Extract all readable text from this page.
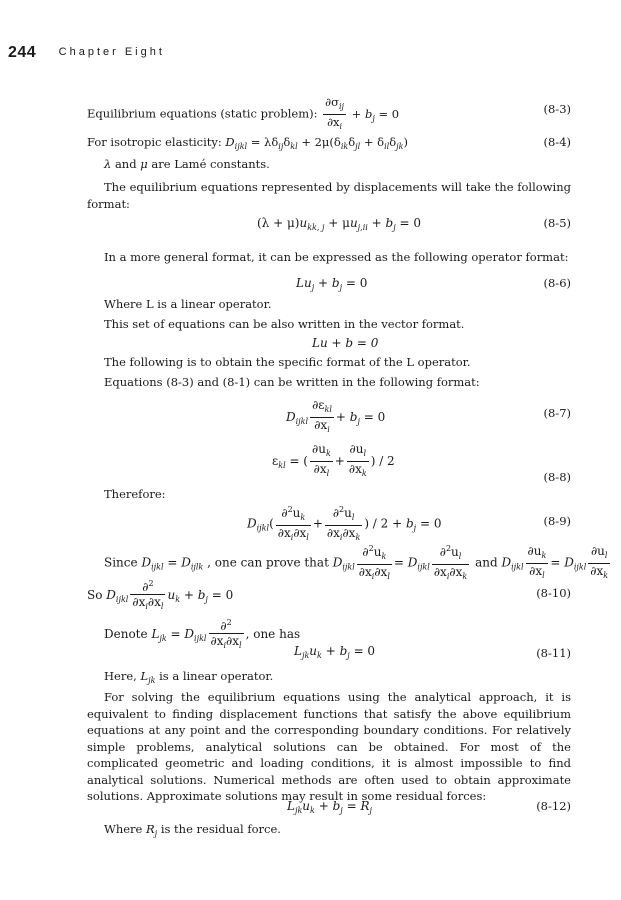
244 Chapter Eight
Equilibrium equations (static problem): $\frac{\partial\sigma_{ij}}{\partial x_i} + b_j = 0$	(8-3)
For isotropic elasticity: $D_{ijkl} = \lambda\delta_{ij}\delta_{kl} + 2\mu(\delta_{ik}\delta_{jl} + \delta_{il}\delta_{jk})$	(8-4)
λ and μ are Lamé constants.
The equilibrium equations represented by displacements will take the following format:
$(\lambda + \mu)u_{kk, j} + \mu u_{j,ii} + b_j = 0$	(8-5)
In a more general format, it can be expressed as the following operator format:
$Lu_j + b_j = 0$	(8-6)
Where L is a linear operator.
This set of equations can be also written in the vector format.
Lu + b = 0
The following is to obtain the specific format of the L operator.
Equations (8-3) and (8-1) can be written in the following format:
$D_{ijkl} \frac{\partial\varepsilon_{kl}}{\partial x_i} + b_j = 0$	(8-7)
$\varepsilon_{kl}$ = ( $\frac{\partial u_k}{\partial x_l} + \frac{\partial u_l}{\partial x_k}$ ) / 2
(8-8)
Therefore:
$D_{ijkl}( \frac{\partial^2u_k}{\partial x_i\partial x_l} + \frac{\partial^2u_l}{\partial x_i\partial x_k}$ ) / $2 + b_j = 0$	(8-9)
Since $D_{ijkl} = D_{ijlk}$ , one can prove that $D_{ijkl} \frac{\partial^2u_k}{\partial x_i\partial x_l} = D_{ijkl} \frac{\partial^2u_l}{\partial x_i\partial x_k}$ and $D_{ijkl} \frac{\partial u_k}{\partial x_l} = D_{ijkl} \frac{\partial u_l}{\partial x_k}$
So $D_{ijkl} \frac{\partial^2}{\partial x_i\partial x_l} u_k + b_j = 0$	(8-10)
Denote $L_{jk} = D_{ijkl} \frac{\partial^2}{\partial x_i\partial x_l}$ , one has
$L_{jk}u_k + b_j = 0$	(8-11)
Here, $L_{jk}$ is a linear operator.
For solving the equilibrium equations using the analytical approach, it is equivalent to finding displacement functions that satisfy the above equilibrium equations at any point and the corresponding boundary conditions. For relatively simple problems, analytical solutions can be obtained. For most of the complicated geometric and loading conditions, it is almost impossible to find analytical solutions. Numerical methods are often used to obtain approximate solutions. Approximate solutions may result in some residual forces:
$L_{jk}u_k + b_j = R_j$	(8-12)
Where $R_j$ is the residual force.
